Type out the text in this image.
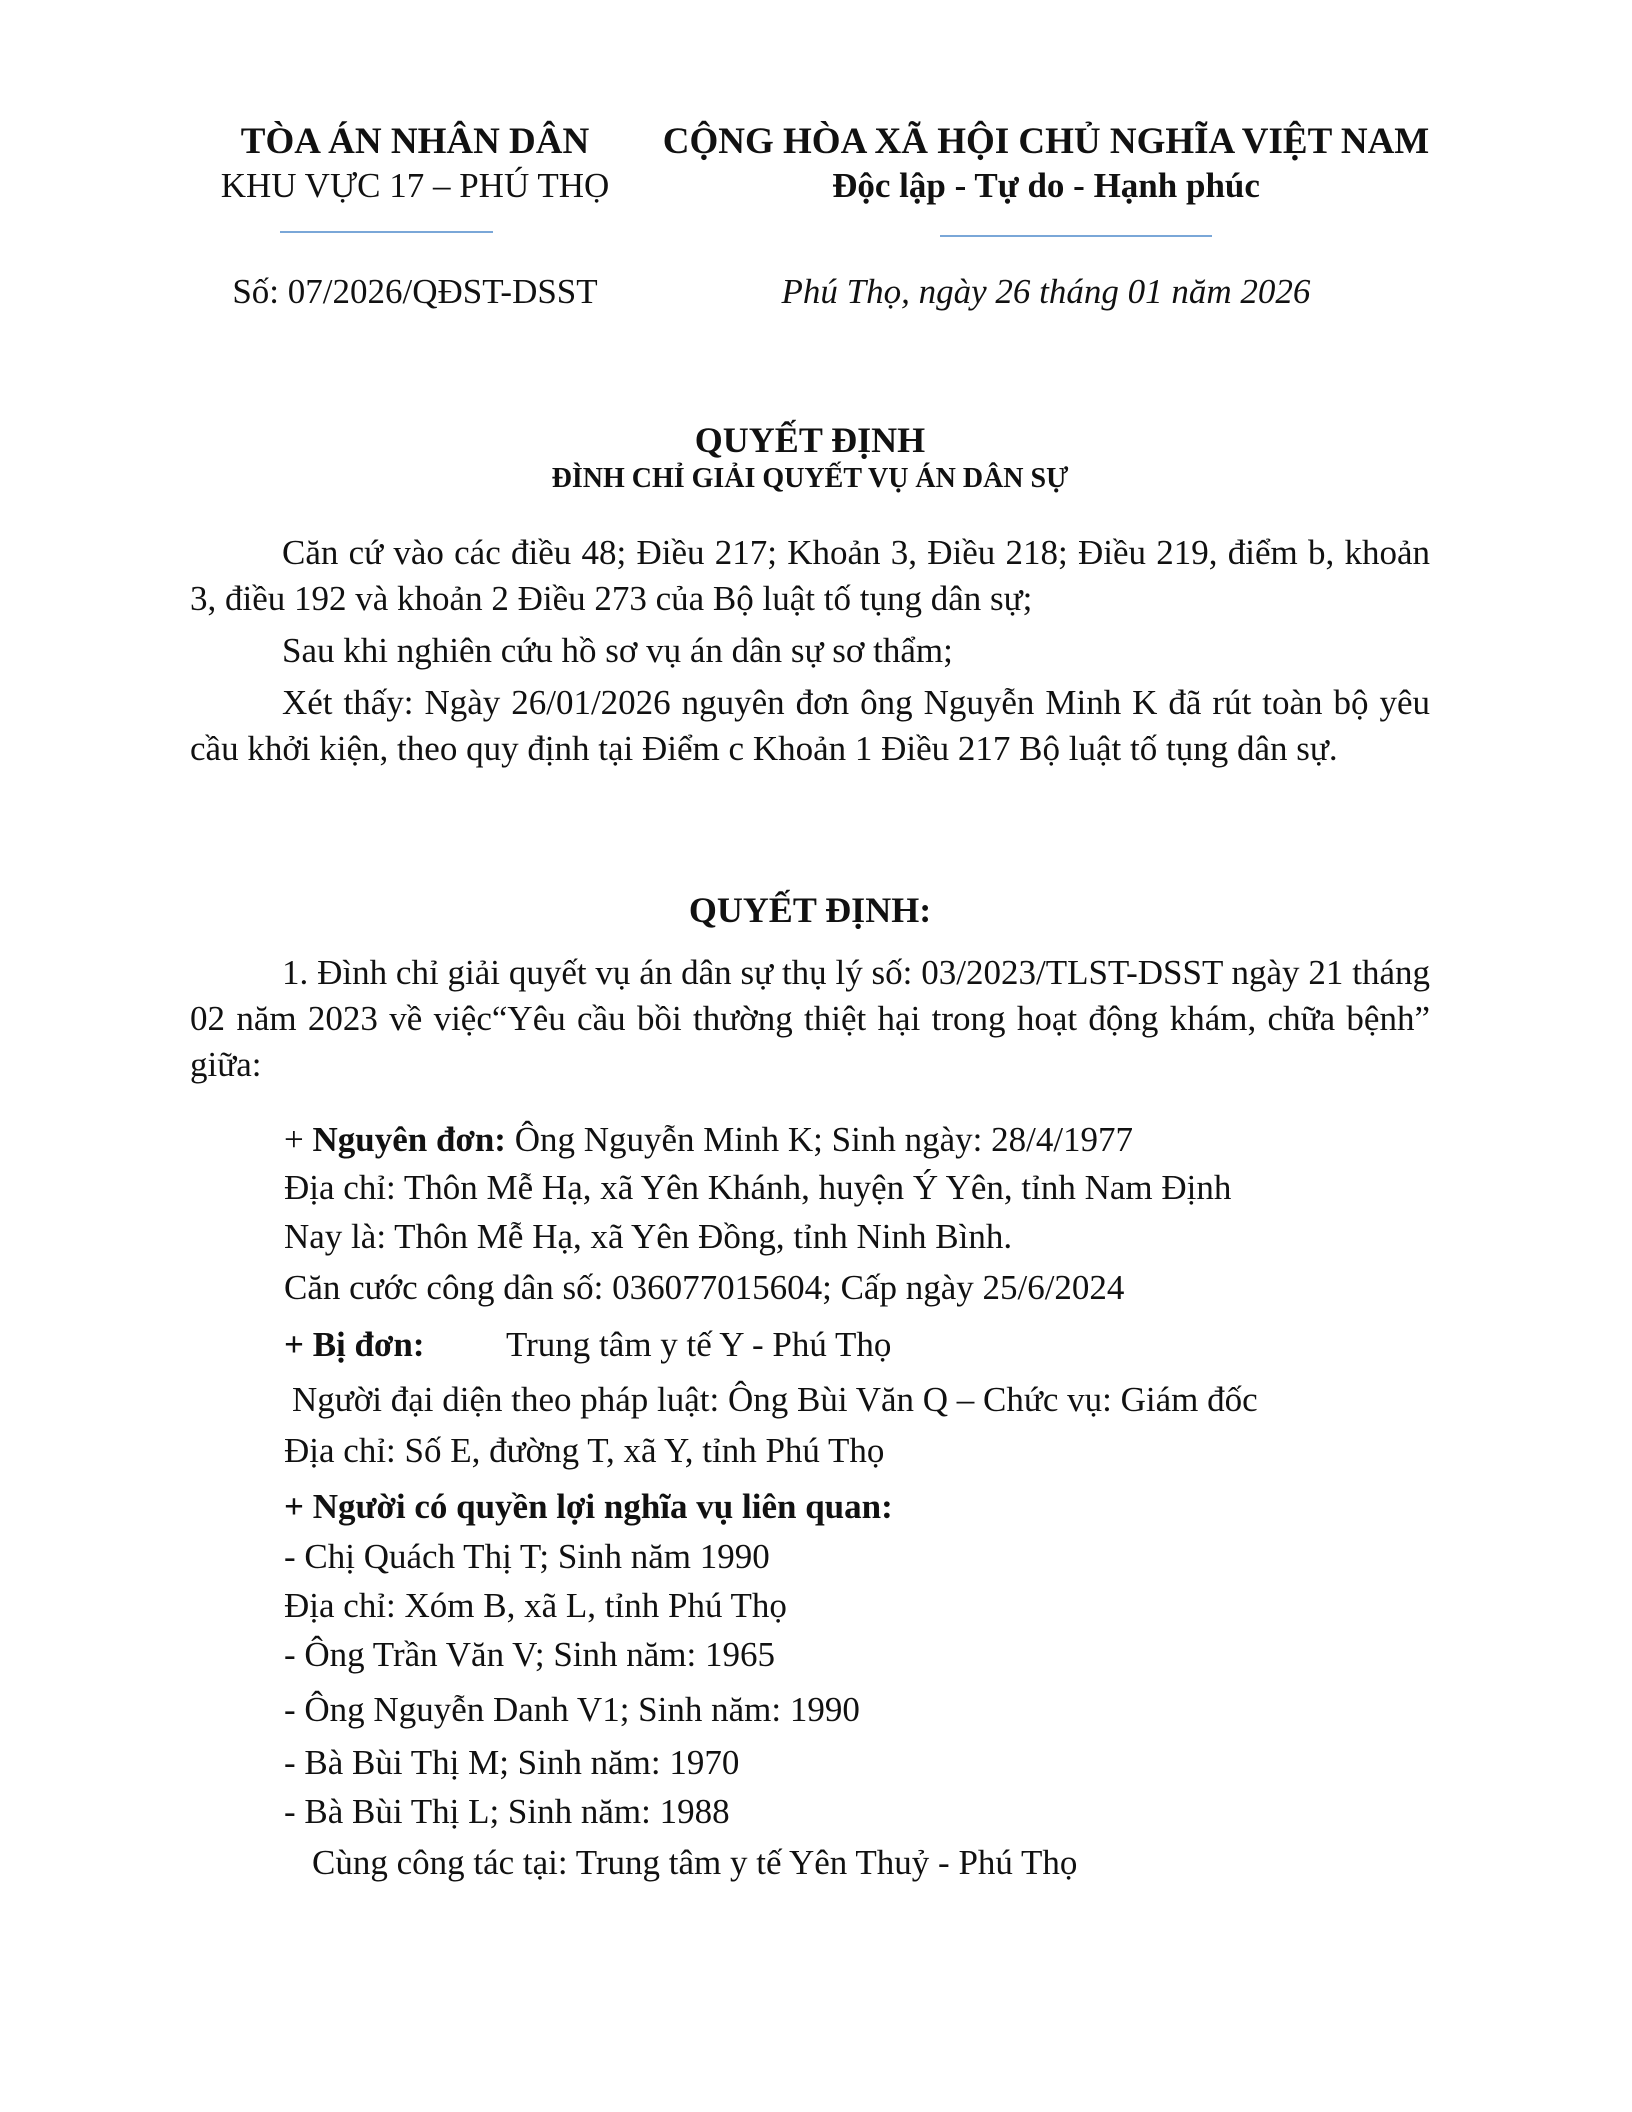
TÒA ÁN NHÂN DÂN
KHU VỰC 17 – PHÚ THỌ
CỘNG HÒA XÃ HỘI CHỦ NGHĨA VIỆT NAM
Độc lập - Tự do - Hạnh phúc
Số: 07/2026/QĐST-DSST	Phú Thọ, ngày 26 tháng 01 năm 2026
QUYẾT ĐỊNH
ĐÌNH CHỈ GIẢI QUYẾT VỤ ÁN DÂN SỰ

Căn cứ vào các điều 48; Điều 217; Khoản 3, Điều 218; Điều 219, điểm b, khoản 3, điều 192 và khoản 2 Điều 273 của Bộ luật tố tụng dân sự;

Sau khi nghiên cứu hồ sơ vụ án dân sự sơ thẩm;

Xét thấy: Ngày 26/01/2026 nguyên đơn ông Nguyễn Minh K đã rút toàn bộ yêu cầu khởi kiện, theo quy định tại Điểm c Khoản 1 Điều 217 Bộ luật tố tụng dân sự.

QUYẾT ĐỊNH:

1. Đình chỉ giải quyết vụ án dân sự thụ lý số: 03/2023/TLST-DSST ngày 21 tháng 02 năm 2023 về việc“Yêu cầu bồi thường thiệt hại trong hoạt động khám, chữa bệnh” giữa:

+ Nguyên đơn: Ông Nguyễn Minh K; Sinh ngày: 28/4/1977
Địa chỉ: Thôn Mễ Hạ, xã Yên Khánh, huyện Ý Yên, tỉnh Nam Định
Nay là: Thôn Mễ Hạ, xã Yên Đồng, tỉnh Ninh Bình.
Căn cước công dân số: 036077015604; Cấp ngày 25/6/2024
+ Bị đơn: Trung tâm y tế Y - Phú Thọ
Người đại diện theo pháp luật: Ông Bùi Văn Q – Chức vụ: Giám đốc
Địa chỉ: Số E, đường T, xã Y, tỉnh Phú Thọ
+ Người có quyền lợi nghĩa vụ liên quan:
- Chị Quách Thị T; Sinh năm 1990
Địa chỉ: Xóm B, xã L, tỉnh Phú Thọ
- Ông Trần Văn V; Sinh năm: 1965
- Ông Nguyễn Danh V1; Sinh năm: 1990
- Bà Bùi Thị M; Sinh năm: 1970
- Bà Bùi Thị L; Sinh năm: 1988
Cùng công tác tại: Trung tâm y tế Yên Thuỷ - Phú Thọ
